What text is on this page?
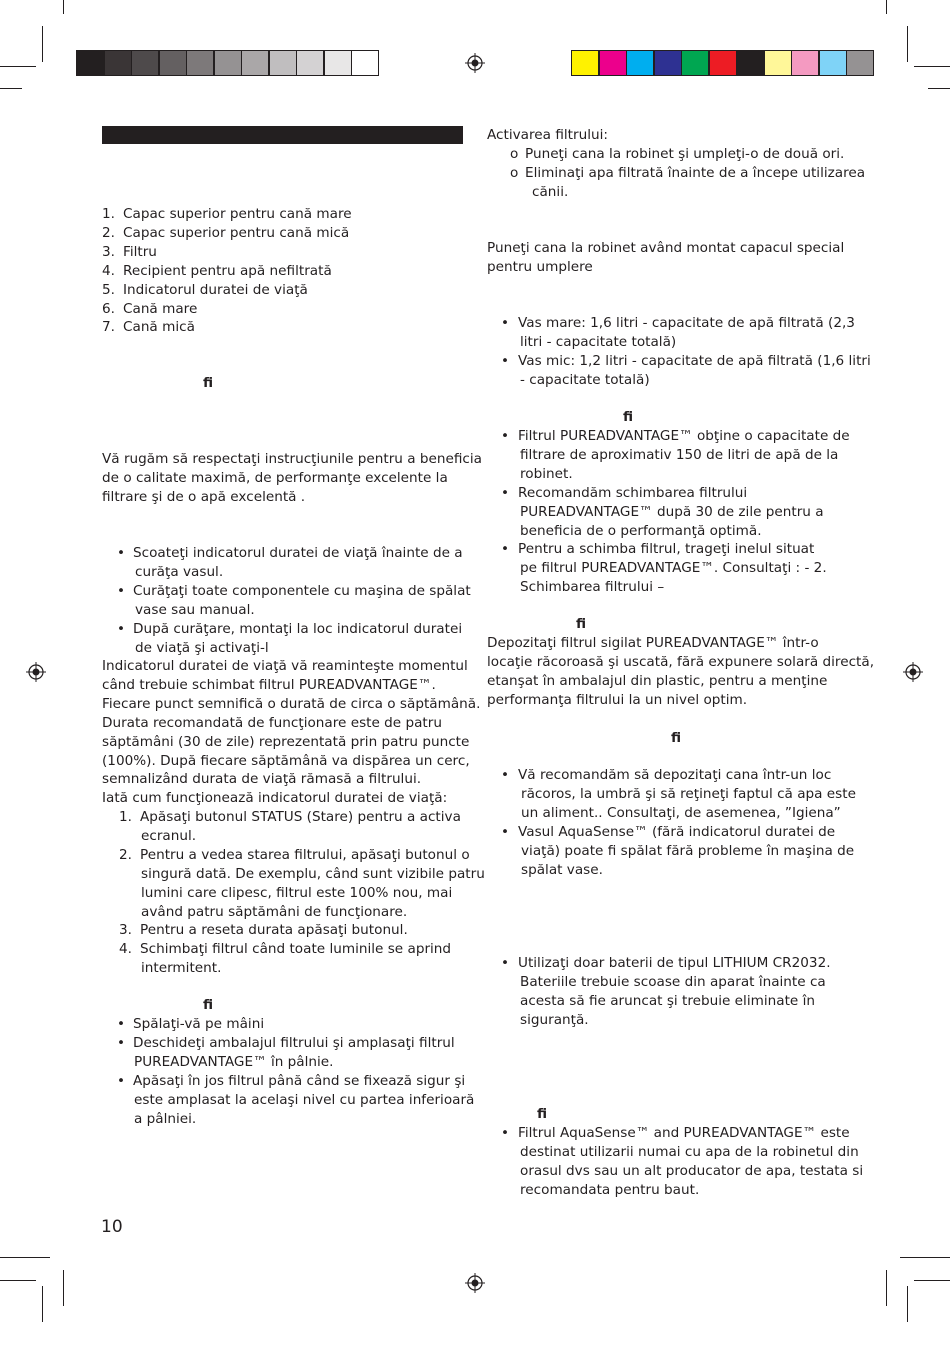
1. Capac superior pentru cană mare
2. Capac superior pentru cană mică
3. Filtru
4. Recipient pentru apă nefiltrată
5. Indicatorul duratei de viaţă
6. Cană mare
7. Cană mică
fi
Vă rugăm să respectaţi instrucţiunile pentru a beneficia
de o calitate maximă, de performanţe excelente la
filtrare şi de o apă excelentă .
• Scoateţi indicatorul duratei de viaţă înainte de a
curăţa vasul.
• Curăţaţi toate componentele cu maşina de spălat
vase sau manual.
• După curăţare, montaţi la loc indicatorul duratei
de viaţă şi activaţi-l
Indicatorul duratei de viaţă vă reaminteşte momentul
când trebuie schimbat filtrul PUREADVANTAGE™.
Fiecare punct semnifică o durată de circa o săptămână.
Durata recomandată de funcţionare este de patru
săptămâni (30 de zile) reprezentată prin patru puncte
(100%). După fiecare săptămână va dispărea un cerc,
semnalizând durata de viaţă rămasă a filtrului.
Iată cum funcţionează indicatorul duratei de viaţă:
1. Apăsaţi butonul STATUS (Stare) pentru a activa
ecranul.
2. Pentru a vedea starea filtrului, apăsaţi butonul o
singură dată. De exemplu, când sunt vizibile patru
lumini care clipesc, filtrul este 100% nou, mai
având patru săptămâni de funcţionare.
3. Pentru a reseta durata apăsaţi butonul.
4. Schimbaţi filtrul când toate luminile se aprind
intermitent.
fi
• Spălaţi-vă pe mâini
• Deschideţi ambalajul filtrului şi amplasaţi filtrul
PUREADVANTAGE™ în pâlnie.
• Apăsaţi în jos filtrul până când se fixează sigur şi
este amplasat la acelaşi nivel cu partea inferioară
a pâlniei.
10
Activarea filtrului:
o Puneţi cana la robinet şi umpleţi-o de două ori.
o Eliminaţi apa filtrată înainte de a începe utilizarea
cănii.
Puneţi cana la robinet având montat capacul special
pentru umplere
• Vas mare: 1,6 litri - capacitate de apă filtrată (2,3
litri - capacitate totală)
• Vas mic: 1,2 litri - capacitate de apă filtrată (1,6 litri
- capacitate totală)
fi
• Filtrul PUREADVANTAGE™ obţine o capacitate de
filtrare de aproximativ 150 de litri de apă de la
robinet.
• Recomandăm schimbarea filtrului
PUREADVANTAGE™ după 30 de zile pentru a
beneficia de o performanţă optimă.
• Pentru a schimba filtrul, trageţi inelul situat
pe filtrul PUREADVANTAGE™. Consultaţi : - 2.
Schimbarea filtrului –
fi
Depozitaţi filtrul sigilat PUREADVANTAGE™ într-o
locaţie răcoroasă şi uscată, fără expunere solară directă,
etanşat în ambalajul din plastic, pentru a menţine
performanţa filtrului la un nivel optim.
fi
• Vă recomandăm să depozitaţi cana într-un loc
răcoros, la umbră şi să reţineţi faptul că apa este
un aliment.. Consultaţi, de asemenea, ”Igiena”
• Vasul AquaSense™ (fără indicatorul duratei de
viaţă) poate fi spălat fără probleme în maşina de
spălat vase.
• Utilizaţi doar baterii de tipul LITHIUM CR2032.
Bateriile trebuie scoase din aparat înainte ca
acesta să fie aruncat şi trebuie eliminate în
siguranţă.
fi
• Filtrul AquaSense™ and PUREADVANTAGE™ este
destinat utilizarii numai cu apa de la robinetul din
orasul dvs sau un alt producator de apa, testata si
recomandata pentru baut.
